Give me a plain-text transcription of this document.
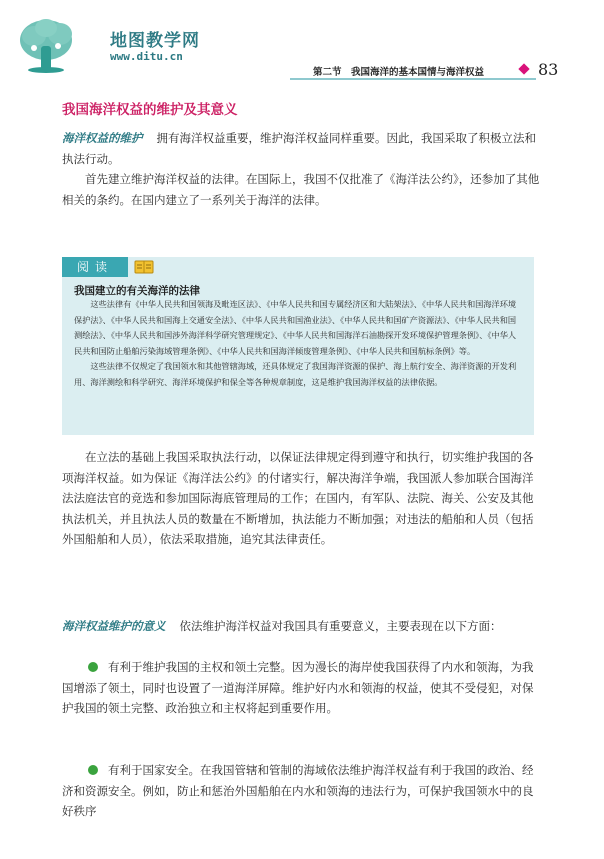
地图教学网
www.ditu.cn
第二节　我国海洋的基本国情与海洋权益	83
我国海洋权益的维护及其意义
海洋权益的维护 拥有海洋权益重要，维护海洋权益同样重要。因此，我国采取了积极立法和执法行动。
　　首先建立维护海洋权益的法律。在国际上，我国不仅批准了《海洋法公约》，还参加了其他相关的条约。在国内建立了一系列关于海洋的法律。
阅读
我国建立的有关海洋的法律

这些法律有《中华人民共和国领海及毗连区法》、《中华人民共和国专属经济区和大陆架法》、《中华人民共和国海洋环境保护法》、《中华人民共和国海上交通安全法》、《中华人民共和国渔业法》、《中华人民共和国矿产资源法》、《中华人民共和国测绘法》、《中华人民共和国涉外海洋科学研究管理规定》、《中华人民共和国海洋石油勘探开发环境保护管理条例》、《中华人民共和国防止船舶污染海域管理条例》、《中华人民共和国海洋倾废管理条例》、《中华人民共和国航标条例》等。

这些法律不仅规定了我国领水和其他管辖海域，还具体规定了我国海洋资源的保护、海上航行安全、海洋资源的开发利用、海洋测绘和科学研究、海洋环境保护和保全等各种规章制度，这是维护我国海洋权益的法律依据。

　　在立法的基础上我国采取执法行动，以保证法律规定得到遵守和执行，切实维护我国的各项海洋权益。如为保证《海洋法公约》的付诸实行，解决海洋争端，我国派人参加联合国海洋法法庭法官的竞选和参加国际海底管理局的工作；在国内，有军队、法院、海关、公安及其他执法机关，并且执法人员的数量在不断增加，执法能力不断加强；对违法的船舶和人员（包括外国船舶和人员），依法采取措施，追究其法律责任。
海洋权益维护的意义 依法维护海洋权益对我国具有重要意义，主要表现在以下方面：
有利于维护我国的主权和领土完整。因为漫长的海岸使我国获得了内水和领海，为我国增添了领土，同时也设置了一道海洋屏障。维护好内水和领海的权益，使其不受侵犯，对保护我国的领土完整、政治独立和主权将起到重要作用。
有利于国家安全。在我国管辖和管制的海域依法维护海洋权益有利于我国的政治、经济和资源安全。例如，防止和惩治外国船舶在内水和领海的违法行为，可保护我国领水中的良好秩序
